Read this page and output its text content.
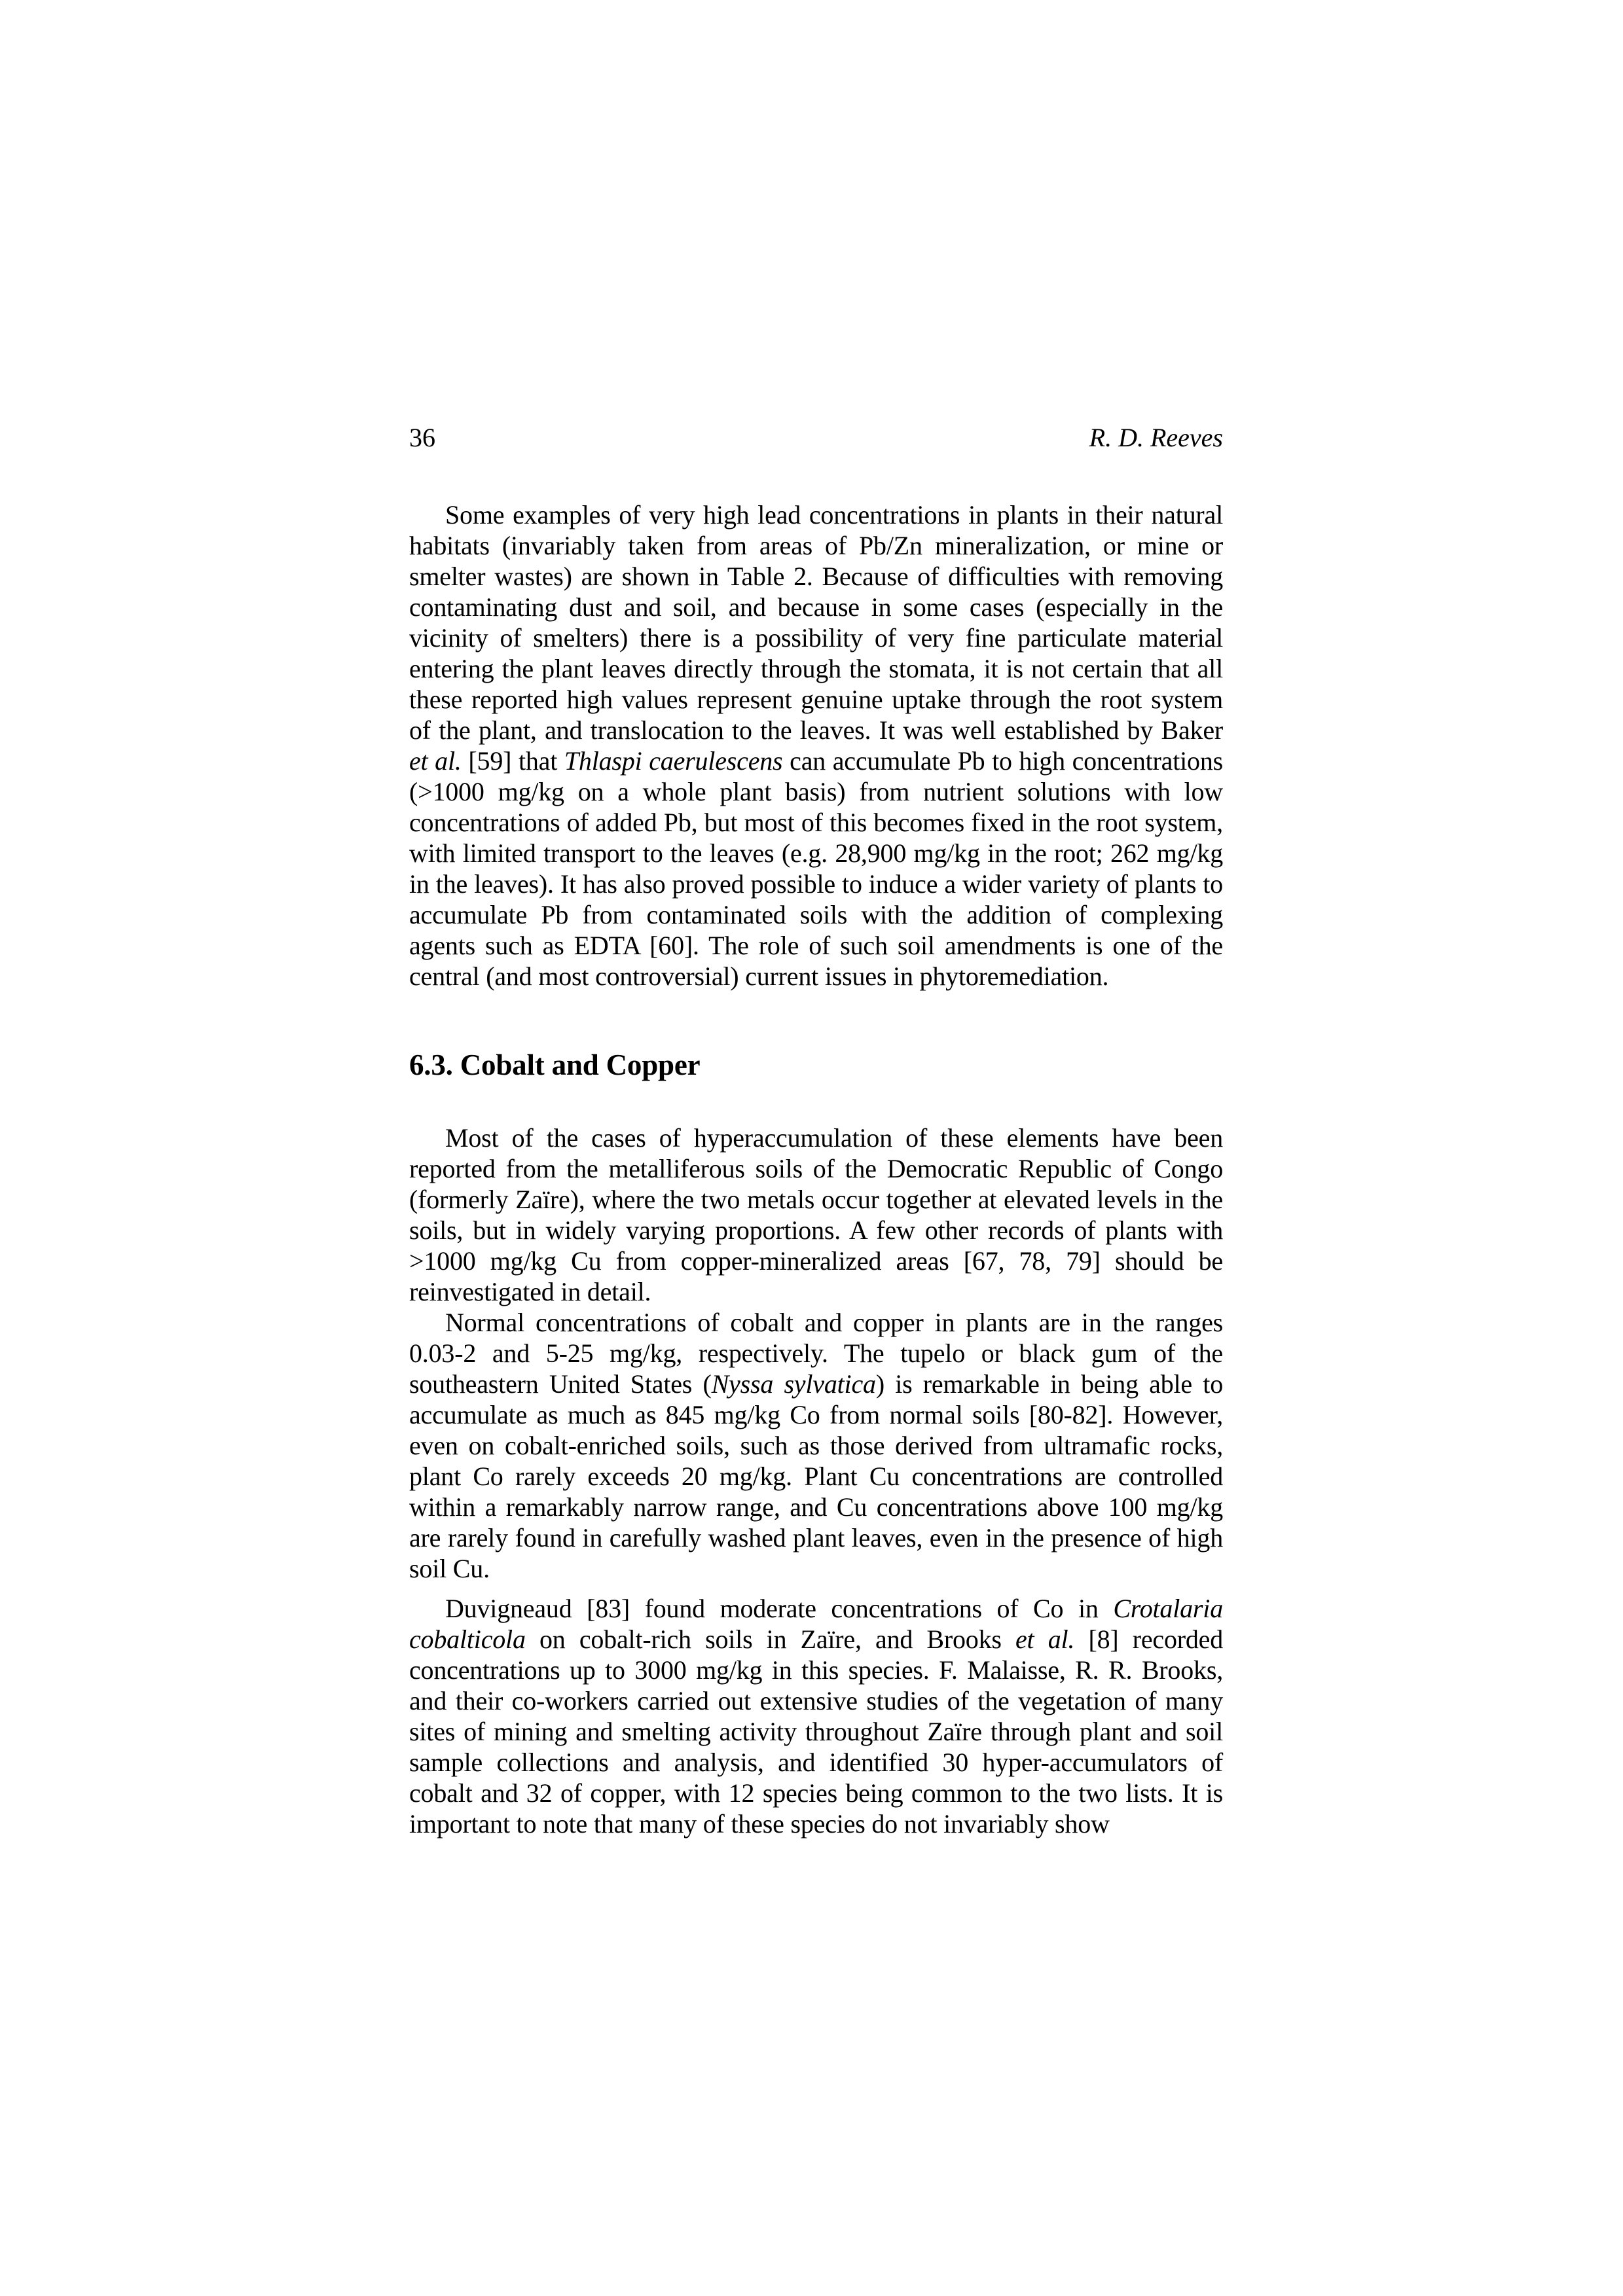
36	R. D. Reeves

Some examples of very high lead concentrations in plants in their natural habitats (invariably taken from areas of Pb/Zn mineralization, or mine or smelter wastes) are shown in Table 2. Because of difficulties with removing contaminating dust and soil, and because in some cases (especially in the vicinity of smelters) there is a possibility of very fine particulate material entering the plant leaves directly through the stomata, it is not certain that all these reported high values represent genuine uptake through the root system of the plant, and translocation to the leaves. It was well established by Baker et al. [59] that Thlaspi caerulescens can accumulate Pb to high concentrations (>1000 mg/kg on a whole plant basis) from nutrient solutions with low concentrations of added Pb, but most of this becomes fixed in the root system, with limited transport to the leaves (e.g. 28,900 mg/kg in the root; 262 mg/kg in the leaves). It has also proved possible to induce a wider variety of plants to accumulate Pb from contaminated soils with the addition of complexing agents such as EDTA [60]. The role of such soil amendments is one of the central (and most controversial) current issues in phytoremediation.

6.3. Cobalt and Copper

Most of the cases of hyperaccumulation of these elements have been reported from the metalliferous soils of the Democratic Republic of Congo (formerly Zaïre), where the two metals occur together at elevated levels in the soils, but in widely varying proportions. A few other records of plants with >1000 mg/kg Cu from copper-mineralized areas [67, 78, 79] should be reinvestigated in detail.

Normal concentrations of cobalt and copper in plants are in the ranges 0.03-2 and 5-25 mg/kg, respectively. The tupelo or black gum of the southeastern United States (Nyssa sylvatica) is remarkable in being able to accumulate as much as 845 mg/kg Co from normal soils [80-82]. However, even on cobalt-enriched soils, such as those derived from ultramafic rocks, plant Co rarely exceeds 20 mg/kg. Plant Cu concentrations are controlled within a remarkably narrow range, and Cu concentrations above 100 mg/kg are rarely found in carefully washed plant leaves, even in the presence of high soil Cu.

Duvigneaud [83] found moderate concentrations of Co in Crotalaria cobalticola on cobalt-rich soils in Zaïre, and Brooks et al. [8] recorded concentrations up to 3000 mg/kg in this species. F. Malaisse, R. R. Brooks, and their co-workers carried out extensive studies of the vegetation of many sites of mining and smelting activity throughout Zaïre through plant and soil sample collections and analysis, and identified 30 hyper-accumulators of cobalt and 32 of copper, with 12 species being common to the two lists. It is important to note that many of these species do not invariably show
